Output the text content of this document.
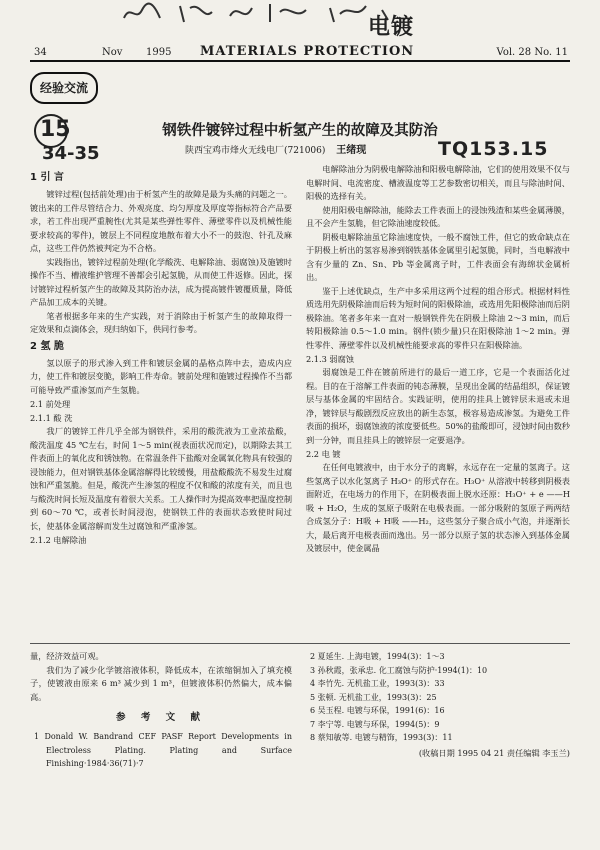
电镀
15
34-35	TQ153.15
34	Nov 1995 MATERIALS PROTECTION	Vol. 28 No. 11
经验交流
钢铁件镀锌过程中析氢产生的故障及其防治
陕西宝鸡市烽火无线电厂(721006) 王绪现
1 引 言

镀锌过程(包括前处理)由于析氢产生的故障是最为头痛的问题之一。镀出来的工件尽管结合力、外观亮度、均匀厚度及厚度等指标符合产品要求，若工件出现严重腕性(尤其是某些弹性零件、薄壁零件以及机械性能要求较高的零件)，镀层上不同程度地散布着大小不一的鼓泡、针孔及麻点，这些工件仍然被判定为不合格。

实践指出，镀锌过程前处理(化学酸洗、电解除油、弱腐蚀)及施镀时操作不当、槽液维护管理不善都会引起氢脆，从而使工件返修。因此，探讨镀锌过程析氢产生的故障及其防治办法，成为提高镀件镀覆质量，降低产品加工成本的关键。

笔者根据多年来的生产实践，对于消除由于析氢产生的故障取得一定效果和点滴体会，现归纳如下，供同行参考。

2 氢 脆

氢以原子的形式渗入到工件和镀层金属的晶格点阵中去，造成内应力，使工件和镀层变脆，影响工件寿命。镀前处理和施镀过程操作不当都可能导致严重渗氢而产生氢脆。

2.1 前处理
2.1.1 酸 洗

我厂的镀锌工件几乎全部为钢铁件，采用的酸洗液为工业浓盐酸，酸洗温度 45 ℃左右，时间 1～5 min(视表面状况而定)，以期除去其工件表面上的氧化皮和锈蚀物。在常温条件下盐酸对金属氧化物具有较强的浸蚀能力，但对钢铁基体金属溶解得比较缓慢，用盐酸酸洗不易发生过腐蚀和严重氢脆。但是，酸洗产生渗氢的程度不仅和酸的浓度有关，而且也与酸洗时间长短及温度有着很大关系。工人操作时为提高效率把温度控制到 60～70 ℃，或者长时间浸泡，使钢铁工件的表面状态致使时间过长，使基体金属溶解而发生过腐蚀和严重渗氢。

2.1.2 电解除油

电解除油分为阴极电解除油和阳极电解除油，它们的使用效果不仅与电解时间、电流密度、槽液温度等工艺参数密切相关，而且与除油时间、阳极的选择有关。

使用阳极电解除油，能除去工件表面上的浸蚀残渣和某些金属薄膜，且不会产生氢脆，但它除油速度较低。

阴极电解除油虽它除油速度快，一般不腐蚀工件，但它的致命缺点在于阴极上析出的氢容易渗到钢铁基体金属里引起氢脆，同时，当电解液中含有少量的 Zn、Sn、Pb 等金属离子时，工件表面会有海绵状金属析出。

鉴于上述优缺点，生产中多采用这两个过程的组合形式。根据材料性质选用先阴极除油而后转为短时间的阳极除油，或选用先阳极除油而后阴极除油。笔者多年来一直对一般钢铁件先在阴极上除油 2～3 min，而后转阳极除油 0.5～1.0 min。钢件(锁少量)只在阳极除油 1～2 min。弹性零件、薄壁零件以及机械性能要求高的零件只在阳极除油。

2.1.3 弱腐蚀

弱腐蚀是工件在镀前所进行的最后一道工序，它是一个表面活化过程。目的在于溶解工件表面的钝态薄膜，呈现出金属的结晶组织，保证镀层与基体金属的牢固结合。实践证明，使用的挂具上镀锌层未退或未退净，镀锌层与酸剧烈反应放出的新生态氢，极容易造成渗氢。为避免工件表面的损坏，弱腐蚀液的浓度要低些。50%的盐酸即可，浸蚀时间由数秒到一分钟，而且挂具上的镀锌层一定要退净。

2.2 电 镀

在任何电镀液中，由于水分子的离解，永远存在一定量的氢离子。这些氢离子以水化氢离子 H₃O⁺ 的形式存在。H₃O⁺ 从溶液中转移到阴极表面附近，在电场力的作用下，在阴极表面上脱水还原：H₃O⁺ + e ——H吸 + H₂O，生成的氢原子吸附在电极表面。一部分吸附的氢原子两两结合成氢分子：H吸 + H吸 ——H₂，这些氢分子聚合成小气泡，并逐渐长大，最后离开电极表面而逸出。另一部分以原子氢的状态渗入到基体金属及镀层中，使金属晶

量，经济效益可观。

我们为了减少化学镀溶液体积，降低成本，在浓缩铜加入了填充模子，使镀液由原来 6 m³ 减少到 1 m³，但镀液体积仍然偏大，成本偏高。

参 考 文 献
1 Donald W. Bandrand CEF PASF Report Developments in Electroless Plating. Plating and Surface Finishing·1984·36(71)·7
2 夏延生. 上海电镀，1994(3)：1～3
3 孙秋霞，张承忠. 化工腐蚀与防护·1994(1)：10
4 李竹先. 无机盐工业，1993(3)：33
5 张顿. 无机盐工业，1993(3)：25
6 吴玉程. 电镀与环保，1991(6)：16
7 李宁等. 电镀与环保，1994(5)：9
8 蔡知敏等. 电镀与精饰，1993(3)：11
(收稿日期 1995 04 21 责任编辑 李玉兰)
